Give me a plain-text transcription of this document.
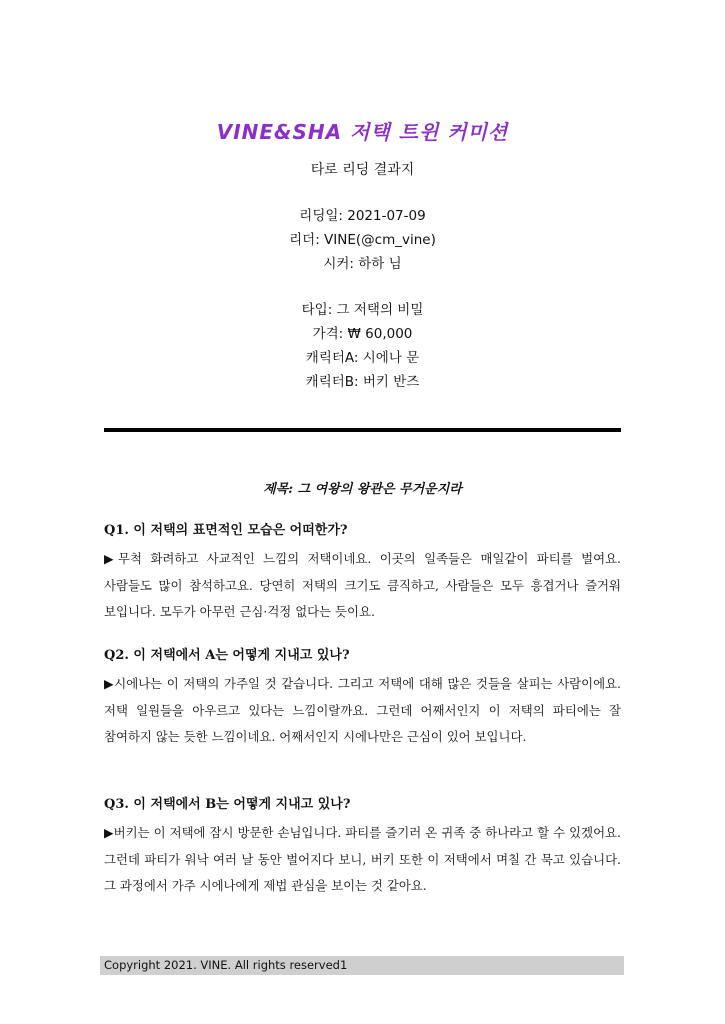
VINE&SHA 저택 트윈 커미션
타로 리딩 결과지
리딩일: 2021-07-09
리더: VINE(@cm_vine)
시커: 하하 님
타입: 그 저택의 비밀
가격: ₩ 60,000
캐릭터A: 시에나 문
캐릭터B: 버키 반즈
제목: 그 여왕의 왕관은 무거운지라

Q1. 이 저택의 표면적인 모습은 어떠한가?

▶무척 화려하고 사교적인 느낌의 저택이네요. 이곳의 일족들은 매일같이 파티를 벌여요. 사람들도 많이 참석하고요. 당연히 저택의 크기도 큼직하고, 사람들은 모두 흥겹거나 즐거워 보입니다. 모두가 아무런 근심·걱정 없다는 듯이요.

Q2. 이 저택에서 A는 어떻게 지내고 있나?

▶시에나는 이 저택의 가주일 것 같습니다. 그리고 저택에 대해 많은 것들을 살피는 사람이에요. 저택 일원들을 아우르고 있다는 느낌이랄까요. 그런데 어째서인지 이 저택의 파티에는 잘 참여하지 않는 듯한 느낌이네요. 어째서인지 시에나만은 근심이 있어 보입니다.

Q3. 이 저택에서 B는 어떻게 지내고 있나?

▶버키는 이 저택에 잠시 방문한 손님입니다. 파티를 즐기러 온 귀족 중 하나라고 할 수 있겠어요. 그런데 파티가 워낙 여러 날 동안 벌어지다 보니, 버키 또한 이 저택에서 며칠 간 묵고 있습니다. 그 과정에서 가주 시에나에게 제법 관심을 보이는 것 같아요.

Copyright 2021. VINE. All rights reserved1
